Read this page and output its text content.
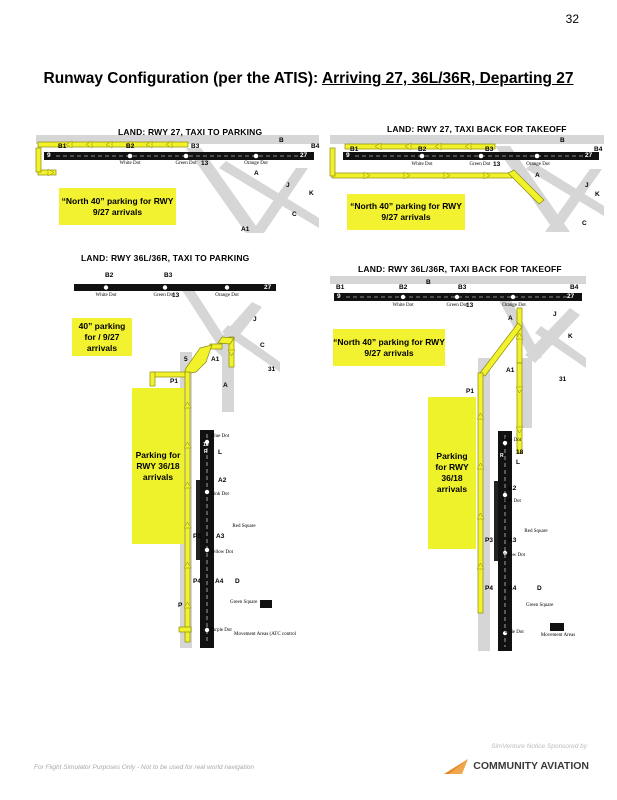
32
Runway Configuration (per the ATIS): Arriving 27, 36L/36R, Departing 27
LAND: RWY 27, TAXI TO PARKING
B1	B2	B3
B
B4
9	27
White Dot	Green Dot 13	Orange Dot
A
J
K
C
A1
“North 40” parking for RWY 9/27 arrivals
LAND: RWY 27, TAXI BACK FOR TAKEOFF
B1	B2	B3
B
B4
9	27
White Dot	Green Dot 13	Orange Dot
A
J
K
C
“North 40” parking for RWY 9/27 arrivals
LAND: RWY 36L/36R, TAXI TO PARKING
B2	B3
27
White Dot	Green Dot
13	Orange Dot
A1
A
5
P1
J
C
31
Blue Dot
18
R L
A2
Pink Dot
A3
P3
Red Square
Yellow Dot
P4 A4 D
Green Square
P
Purple Dot
Movement Areas (ATC control
40” parking for / 9/27 arrivals
Parking for RWY 36/18 arrivals
LAND: RWY 36L/36R, TAXI BACK FOR TAKEOFF
B1	B2
B
B3
13
B4
9	27
White Dot	Green Dot	Orange Dot
A
J
K
A1
31
P1
Blue Dot
18
R
L
A2
Pink Dot
A3
P3
Red Square
Yellow Dot
P4 A4	D
Green Square
Purple Dot
Movement Areas
“North 40” parking for RWY 9/27 arrivals
Parking for RWY 36/18 arrivals
For Flight Simulator Purposes Only - Not to be used for real world navigation
SimVenture Notice Sponsored by
COMMUNITY AVIATION
